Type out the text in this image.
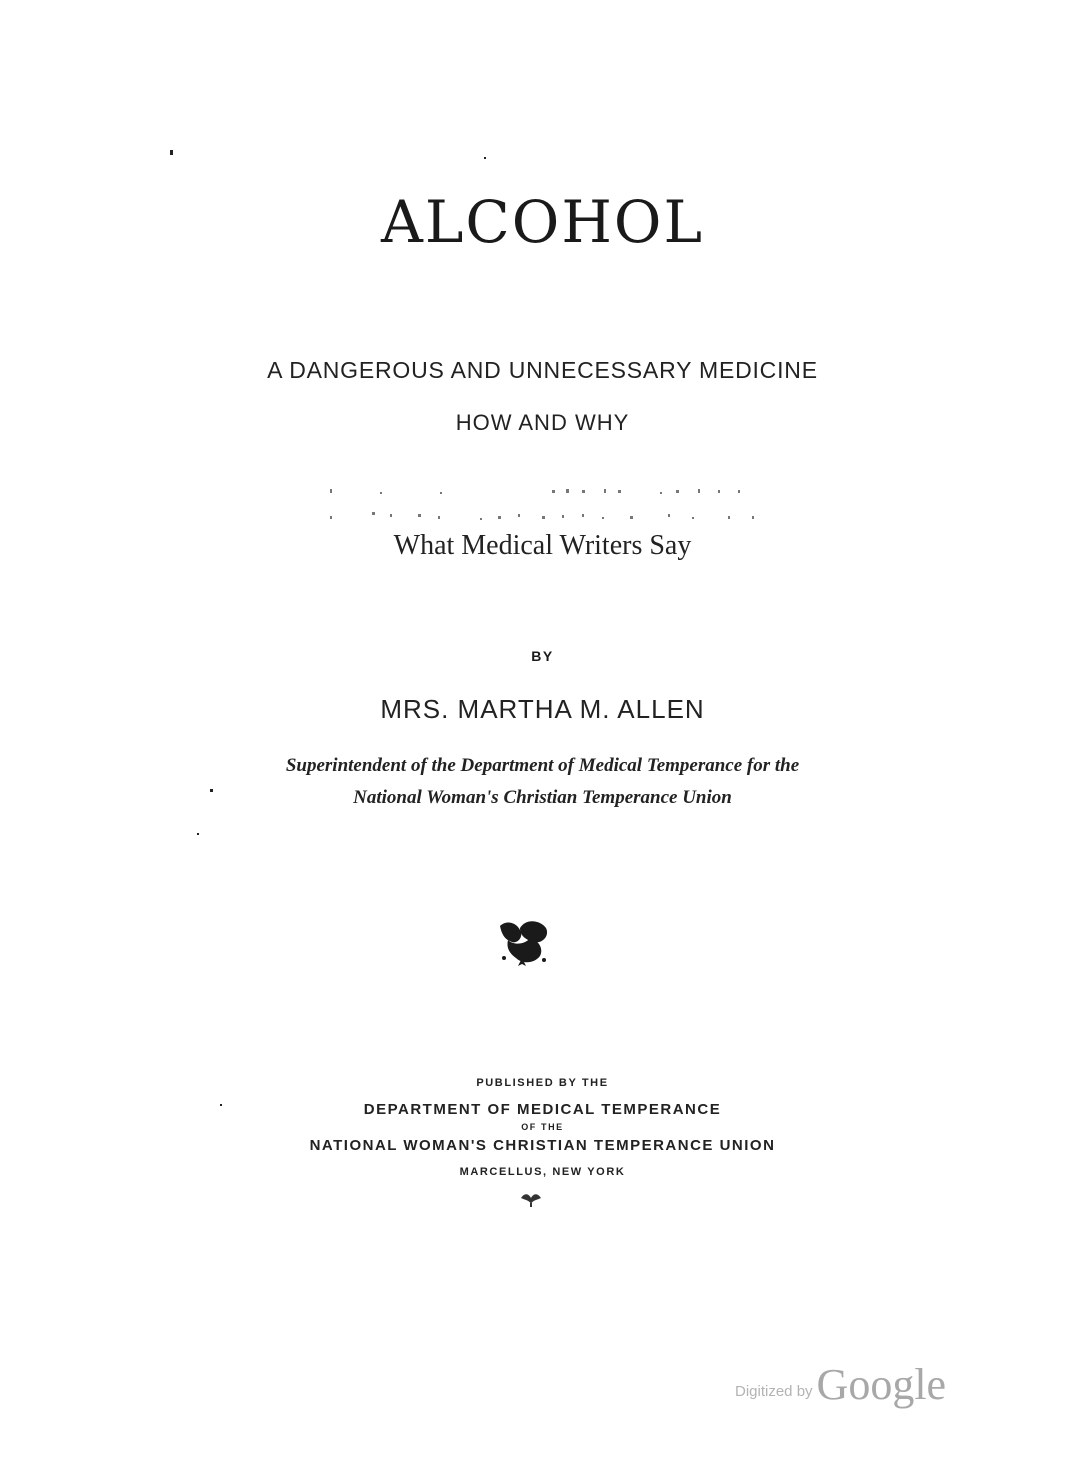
ALCOHOL
A DANGEROUS AND UNNECESSARY MEDICINE
HOW AND WHY
What Medical Writers Say
BY
MRS. MARTHA M. ALLEN
Superintendent of the Department of Medical Temperance for the
National Woman's Christian Temperance Union
PUBLISHED BY THE
DEPARTMENT OF MEDICAL TEMPERANCE
OF THE
NATIONAL WOMAN'S CHRISTIAN TEMPERANCE UNION
MARCELLUS, NEW YORK
Digitized by Google
